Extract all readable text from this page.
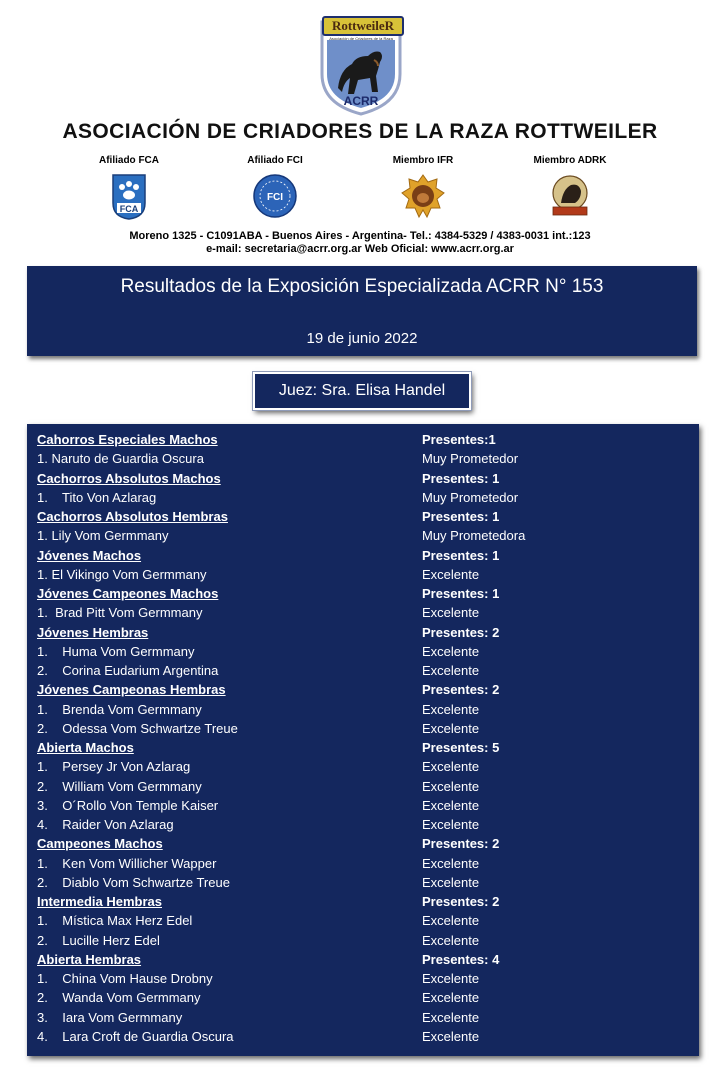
RottweileR
Asociación de Criadores de la Raza
ACRR
ASOCIACIÓN DE CRIADORES DE LA RAZA ROTTWEILER
Afiliado FCA
FCA
Afiliado FCI
FCI
Miembro IFR	Miembro ADRK
Moreno 1325 - C1091ABA - Buenos Aires - Argentina- Tel.: 4384-5329 / 4383-0031 int.:123
e-mail: secretaria@acrr.org.ar Web Oficial: www.acrr.org.ar
Resultados de la Exposición Especializada ACRR N° 153
19 de junio 2022
Juez: Sra. Elisa Handel
Cahorros Especiales Machos	Presentes:1
1. Naruto de Guardia Oscura	Muy Prometedor
Cachorros Absolutos Machos	Presentes: 1
1.    Tito Von Azlarag	Muy Prometedor
Cachorros Absolutos Hembras	Presentes: 1
1. Lily Vom Germmany	Muy Prometedora
Jóvenes Machos	Presentes: 1
1. El Vikingo Vom Germmany	Excelente
Jóvenes Campeones Machos	Presentes: 1
1.  Brad Pitt Vom Germmany	Excelente
Jóvenes Hembras	Presentes: 2
1.    Huma Vom Germmany	Excelente
2.    Corina Eudarium Argentina	Excelente
Jóvenes Campeonas Hembras	Presentes: 2
1.    Brenda Vom Germmany	Excelente
2.    Odessa Vom Schwartze Treue	Excelente
Abierta Machos	Presentes: 5
1.    Persey Jr Von Azlarag	Excelente
2.    William Vom Germmany	Excelente
3.    O´Rollo Von Temple Kaiser	Excelente
4.    Raider Von Azlarag	Excelente
Campeones Machos	Presentes: 2
1.    Ken Vom Willicher Wapper	Excelente
2.    Diablo Vom Schwartze Treue	Excelente
Intermedia Hembras	Presentes: 2
1.    Mística Max Herz Edel	Excelente
2.    Lucille Herz Edel	Excelente
Abierta Hembras	Presentes: 4
1.    China Vom Hause Drobny	Excelente
2.    Wanda Vom Germmany	Excelente
3.    Iara Vom Germmany	Excelente
4.    Lara Croft de Guardia Oscura	Excelente
